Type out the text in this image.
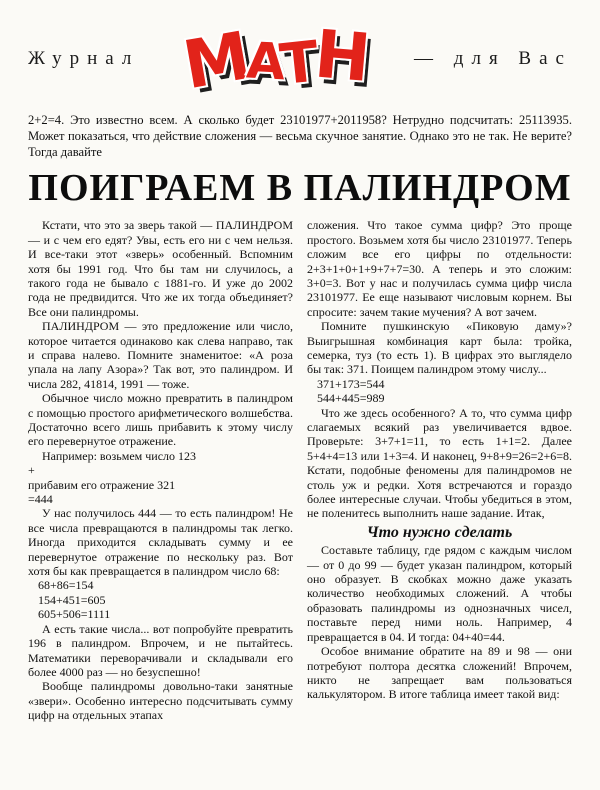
Журнал M
A
T
H — для Вас

2+2=4. Это известно всем. А сколько будет 23101977+2011958? Нетрудно подсчитать: 25113935. Может показаться, что действие сложения — весьма скучное занятие. Однако это не так. Не верите? Тогда давайте

ПОИГРАЕМ В ПАЛИНДРОМ

Кстати, что это за зверь такой — ПАЛИНДРОМ — и с чем его едят? Увы, есть его ни с чем нельзя. И все-таки этот «зверь» особенный. Вспомним хотя бы 1991 год. Что бы там ни случилось, а такого года не бывало с 1881-го. И уже до 2002 года не предвидится. Что же их тогда объединяет? Все они палиндромы.

ПАЛИНДРОМ — это предложение или число, которое читается одинаково как слева направо, так и справа налево. Помните знаменитое: «А роза упала на лапу Азора»? Так вот, это палиндром. И числа 282, 41814, 1991 — тоже.

Обычное число можно превратить в палиндром с помощью простого арифметического волшебства. Достаточно всего лишь прибавить к этому числу его перевернутое отражение.

Например: возьмем число 123

+

прибавим его отражение 321

=444

У нас получилось 444 — то есть палиндром! Не все числа превращаются в палиндромы так легко. Иногда приходится складывать сумму и ее перевернутое отражение по нескольку раз. Вот хотя бы как превращается в палиндром число 68:

68+86=154

154+451=605

605+506=1111

А есть такие числа... вот попробуйте превратить 196 в палиндром. Впрочем, и не пытайтесь. Математики переворачивали и складывали его более 4000 раз — но безуспешно!

Вообще палиндромы довольно-таки занятные «звери». Особенно интересно подсчитывать сумму цифр на отдельных этапах

сложения. Что такое сумма цифр? Это проще простого. Возьмем хотя бы число 23101977. Теперь сложим все его цифры по отдельности: 2+3+1+0+1+9+7+7=30. А теперь и это сложим: 3+0=3. Вот у нас и получилась сумма цифр числа 23101977. Ее еще называют числовым корнем. Вы спросите: зачем такие мучения? А вот зачем.

Помните пушкинскую «Пиковую даму»? Выигрышная комбинация карт была: тройка, семерка, туз (то есть 1). В цифрах это выглядело бы так: 371. Поищем палиндром этому числу...

371+173=544

544+445=989

Что же здесь особенного? А то, что сумма цифр слагаемых всякий раз увеличивается вдвое. Проверьте: 3+7+1=11, то есть 1+1=2. Далее 5+4+4=13 или 1+3=4. И наконец, 9+8+9=26=2+6=8. Кстати, подобные феномены для палиндромов не столь уж и редки. Хотя встречаются и гораздо более интересные случаи. Чтобы убедиться в этом, не поленитесь выполнить наше задание. Итак,

Что нужно сделать

Составьте таблицу, где рядом с каждым числом — от 0 до 99 — будет указан палиндром, который оно образует. В скобках можно даже указать количество необходимых сложений. А чтобы образовать палиндромы из однозначных чисел, поставьте перед ними ноль. Например, 4 превращается в 04. И тогда: 04+40=44.

Особое внимание обратите на 89 и 98 — они потребуют полтора десятка сложений! Впрочем, никто не запрещает вам пользоваться калькулятором. В итоге таблица имеет такой вид:
